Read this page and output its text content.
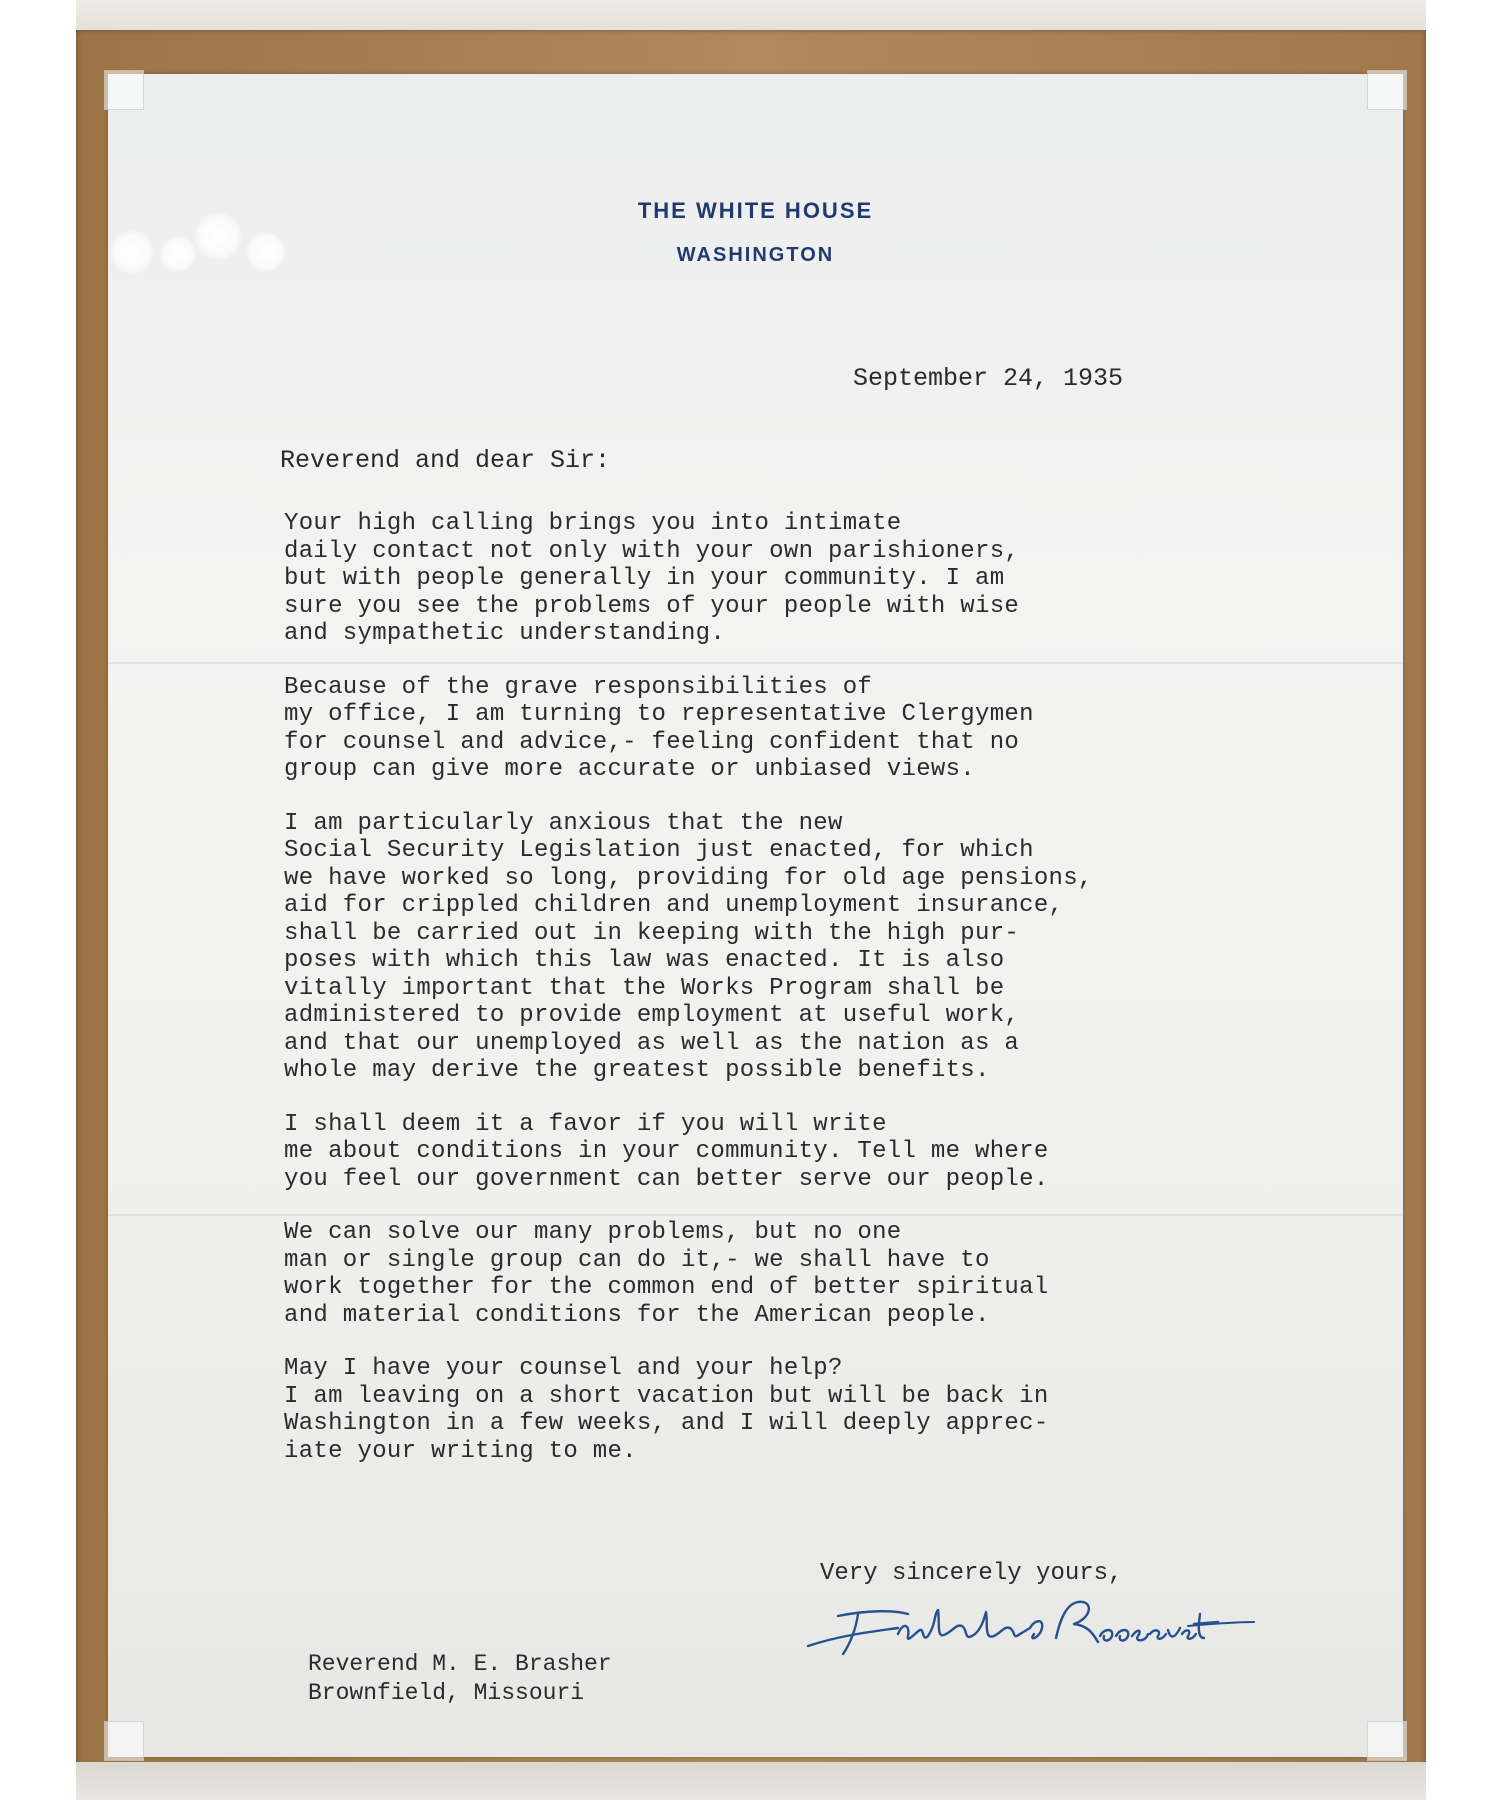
THE WHITE HOUSE
WASHINGTON
September 24, 1935
Reverend and dear Sir:

Your high calling brings you into intimate
daily contact not only with your own parishioners,
but with people generally in your community. I am
sure you see the problems of your people with wise
and sympathetic understanding.

Because of the grave responsibilities of
my office, I am turning to representative Clergymen
for counsel and advice,- feeling confident that no
group can give more accurate or unbiased views.

I am particularly anxious that the new
Social Security Legislation just enacted, for which
we have worked so long, providing for old age pensions,
aid for crippled children and unemployment insurance,
shall be carried out in keeping with the high pur-
poses with which this law was enacted. It is also
vitally important that the Works Program shall be
administered to provide employment at useful work,
and that our unemployed as well as the nation as a
whole may derive the greatest possible benefits.

I shall deem it a favor if you will write
me about conditions in your community. Tell me where
you feel our government can better serve our people.

We can solve our many problems, but no one
man or single group can do it,- we shall have to
work together for the common end of better spiritual
and material conditions for the American people.

May I have your counsel and your help?
I am leaving on a short vacation but will be back in
Washington in a few weeks, and I will deeply apprec-
iate your writing to me.

Very sincerely yours,
Reverend M. E. Brasher
Brownfield, Missouri
